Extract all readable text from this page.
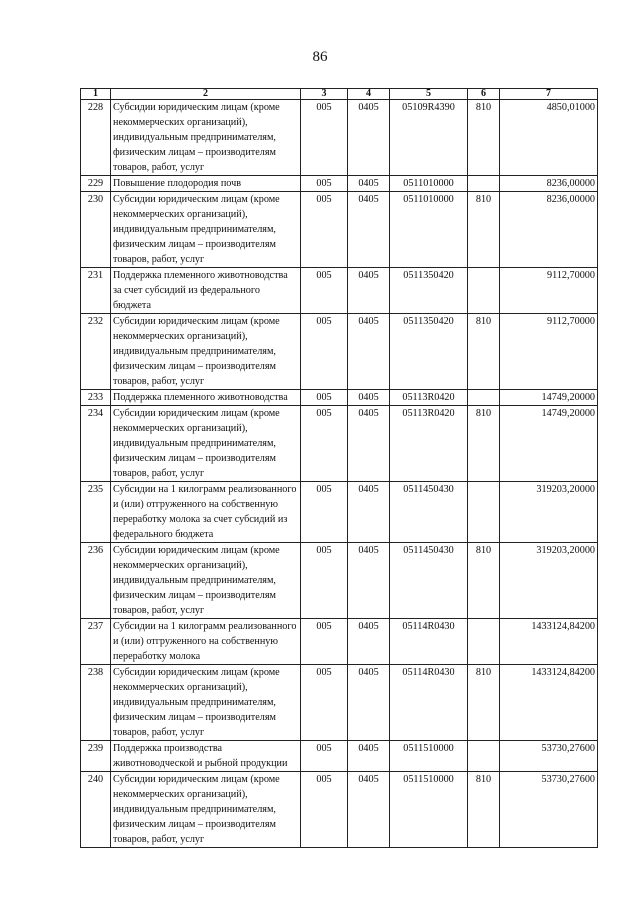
86
1	2	3	4	5	6	7
228	Субсидии юридическим лицам (кроме некоммерческих организаций), индивидуальным предпринимателям, физическим лицам – производителям товаров, работ, услуг	005	0405	05109R4390	810	4850,01000
229	Повышение плодородия почв	005	0405	0511010000		8236,00000
230	Субсидии юридическим лицам (кроме некоммерческих организаций), индивидуальным предпринимателям, физическим лицам – производителям товаров, работ, услуг	005	0405	0511010000	810	8236,00000
231	Поддержка племенного животноводства за счет субсидий из федерального бюджета	005	0405	0511350420		9112,70000
232	Субсидии юридическим лицам (кроме некоммерческих организаций), индивидуальным предпринимателям, физическим лицам – производителям товаров, работ, услуг	005	0405	0511350420	810	9112,70000
233	Поддержка племенного животноводства	005	0405	05113R0420		14749,20000
234	Субсидии юридическим лицам (кроме некоммерческих организаций), индивидуальным предпринимателям, физическим лицам – производителям товаров, работ, услуг	005	0405	05113R0420	810	14749,20000
235	Субсидии на 1 килограмм реализованного и (или) отгруженного на собственную переработку молока за счет субсидий из федерального бюджета	005	0405	0511450430		319203,20000
236	Субсидии юридическим лицам (кроме некоммерческих организаций), индивидуальным предпринимателям, физическим лицам – производителям товаров, работ, услуг	005	0405	0511450430	810	319203,20000
237	Субсидии на 1 килограмм реализованного и (или) отгруженного на собственную переработку молока	005	0405	05114R0430		1433124,84200
238	Субсидии юридическим лицам (кроме некоммерческих организаций), индивидуальным предпринимателям, физическим лицам – производителям товаров, работ, услуг	005	0405	05114R0430	810	1433124,84200
239	Поддержка производства животноводческой и рыбной продукции	005	0405	0511510000		53730,27600
240	Субсидии юридическим лицам (кроме некоммерческих организаций), индивидуальным предпринимателям, физическим лицам – производителям товаров, работ, услуг	005	0405	0511510000	810	53730,27600
